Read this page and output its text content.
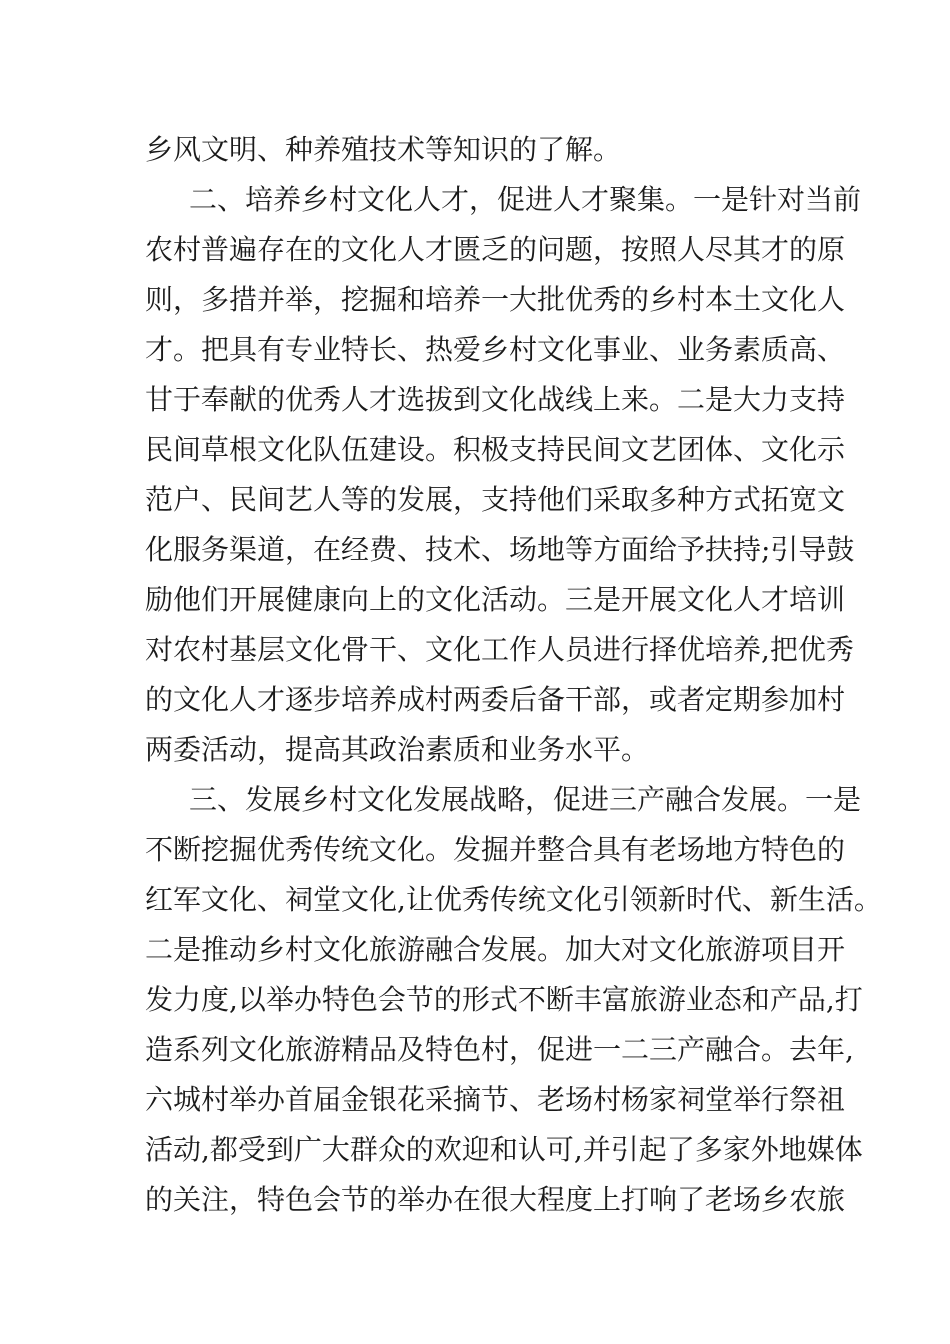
乡风文明、种养殖技术等知识的了解。
二、培养乡村文化人才，促进人才聚集。一是针对当前
农村普遍存在的文化人才匮乏的问题，按照人尽其才的原
则，多措并举，挖掘和培养一大批优秀的乡村本土文化人
才。把具有专业特长、热爱乡村文化事业、业务素质高、
甘于奉献的优秀人才选拔到文化战线上来。二是大力支持
民间草根文化队伍建设。积极支持民间文艺团体、文化示
范户、民间艺人等的发展，支持他们采取多种方式拓宽文
化服务渠道，在经费、技术、场地等方面给予扶持;引导鼓
励他们开展健康向上的文化活动。三是开展文化人才培训
对农村基层文化骨干、文化工作人员进行择优培养,把优秀
的文化人才逐步培养成村两委后备干部，或者定期参加村
两委活动，提高其政治素质和业务水平。
三、发展乡村文化发展战略，促进三产融合发展。一是
不断挖掘优秀传统文化。发掘并整合具有老场地方特色的
红军文化、祠堂文化,让优秀传统文化引领新时代、新生活。
二是推动乡村文化旅游融合发展。加大对文化旅游项目开
发力度,以举办特色会节的形式不断丰富旅游业态和产品,打
造系列文化旅游精品及特色村，促进一二三产融合。去年,
六城村举办首届金银花采摘节、老场村杨家祠堂举行祭祖
活动,都受到广大群众的欢迎和认可,并引起了多家外地媒体
的关注，特色会节的举办在很大程度上打响了老场乡农旅
